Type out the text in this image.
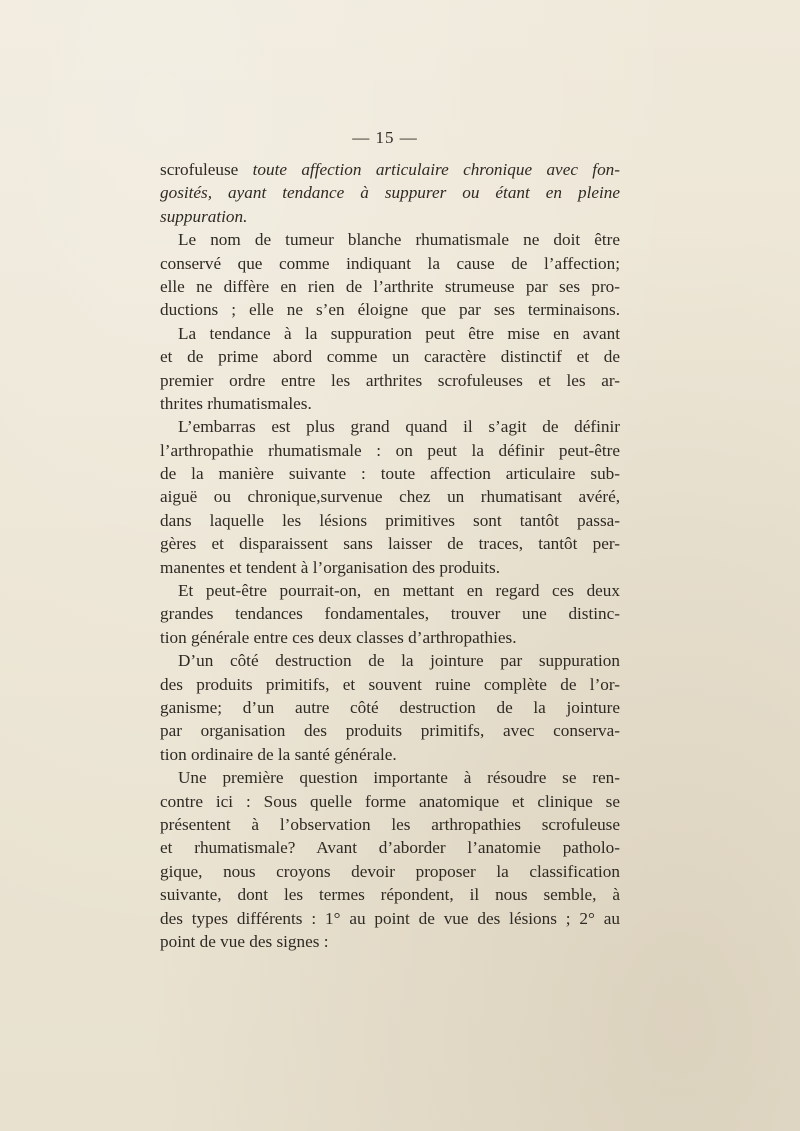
— 15 —
scrofuleuse toute affection articulaire chronique avec fon-
gosités, ayant tendance à suppurer ou étant en pleine
suppuration.
Le nom de tumeur blanche rhumatismale ne doit être
conservé que comme indiquant la cause de l’affection;
elle ne diffère en rien de l’arthrite strumeuse par ses pro-
ductions ; elle ne s’en éloigne que par ses terminaisons.
La tendance à la suppuration peut être mise en avant
et de prime abord comme un caractère distinctif et de
premier ordre entre les arthrites scrofuleuses et les ar-
thrites rhumatismales.
L’embarras est plus grand quand il s’agit de définir
l’arthropathie rhumatismale : on peut la définir peut-être
de la manière suivante : toute affection articulaire sub-
aiguë ou chronique,survenue chez un rhumatisant avéré,
dans laquelle les lésions primitives sont tantôt passa-
gères et disparaissent sans laisser de traces, tantôt per-
manentes et tendent à l’organisation des produits.
Et peut-être pourrait-on, en mettant en regard ces deux
grandes tendances fondamentales, trouver une distinc-
tion générale entre ces deux classes d’arthropathies.
D’un côté destruction de la jointure par suppuration
des produits primitifs, et souvent ruine complète de l’or-
ganisme; d’un autre côté destruction de la jointure
par organisation des produits primitifs, avec conserva-
tion ordinaire de la santé générale.
Une première question importante à résoudre se ren-
contre ici : Sous quelle forme anatomique et clinique se
présentent à l’observation les arthropathies scrofuleuse
et rhumatismale? Avant d’aborder l’anatomie patholo-
gique, nous croyons devoir proposer la classification
suivante, dont les termes répondent, il nous semble, à
des types différents : 1° au point de vue des lésions ; 2° au
point de vue des signes :
